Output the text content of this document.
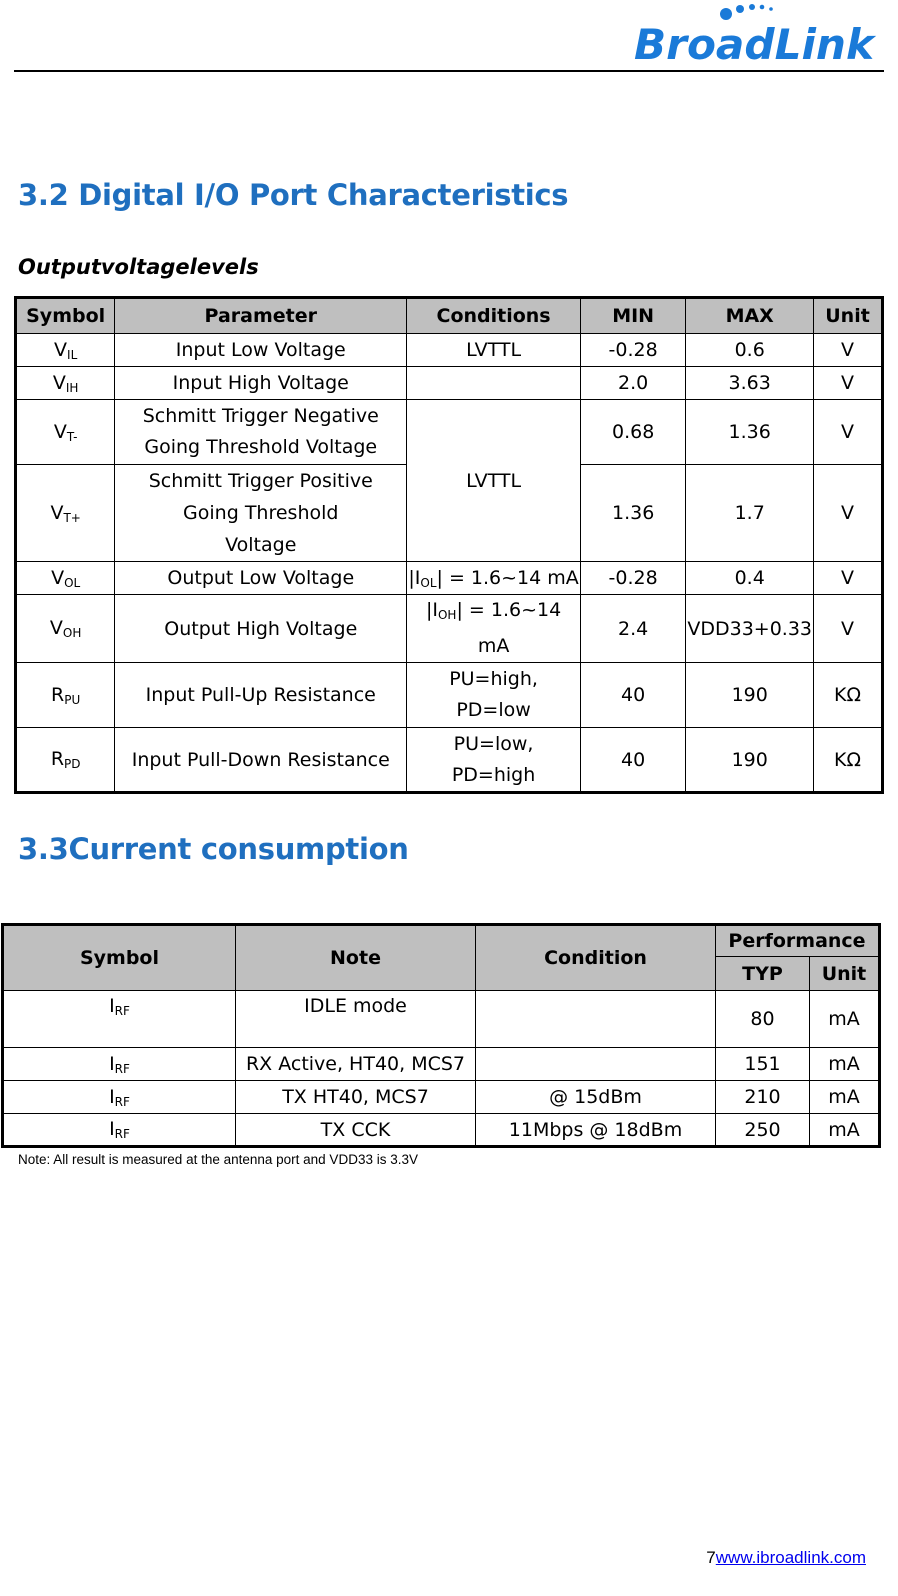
BroadLink
3.2 Digital I/O Port Characteristics
Outputvoltagelevels
Symbol	Parameter	Conditions	MIN	MAX	Unit
$V_{IL}$	Input Low Voltage	LVTTL	-0.28	0.6	V
$V_{IH}$	Input High Voltage		2.0	3.63	V
$V_{T-}$	Schmitt Trigger Negative Going Threshold Voltage	LVTTL	0.68	1.36	V
$V_{T+}$	Schmitt Trigger Positive Going Threshold Voltage		1.36	1.7	V
$V_{OL}$	Output Low Voltage	$|I_{OL}|$ = 1.6~14 mA	-0.28	0.4	V
$V_{OH}$	Output High Voltage	$|I_{OH}|$ = 1.6~14 mA	2.4	VDD33+0.33	V
$R_{PU}$	Input Pull-Up Resistance	PU=high, PD=low	40	190	KΩ
$R_{PD}$	Input Pull-Down Resistance	PU=low, PD=high	40	190	KΩ
3.3Current consumption
Symbol	Note	Condition	Performance	
			TYP	Unit
$I_{RF}$	IDLE mode		80	mA
$I_{RF}$	RX Active, HT40, MCS7		151	mA
$I_{RF}$	TX HT40, MCS7	@ 15dBm	210	mA
$I_{RF}$	TX CCK	11Mbps @ 18dBm	250	mA
Note: All result is measured at the antenna port and VDD33 is 3.3V
7www.ibroadlink.com
